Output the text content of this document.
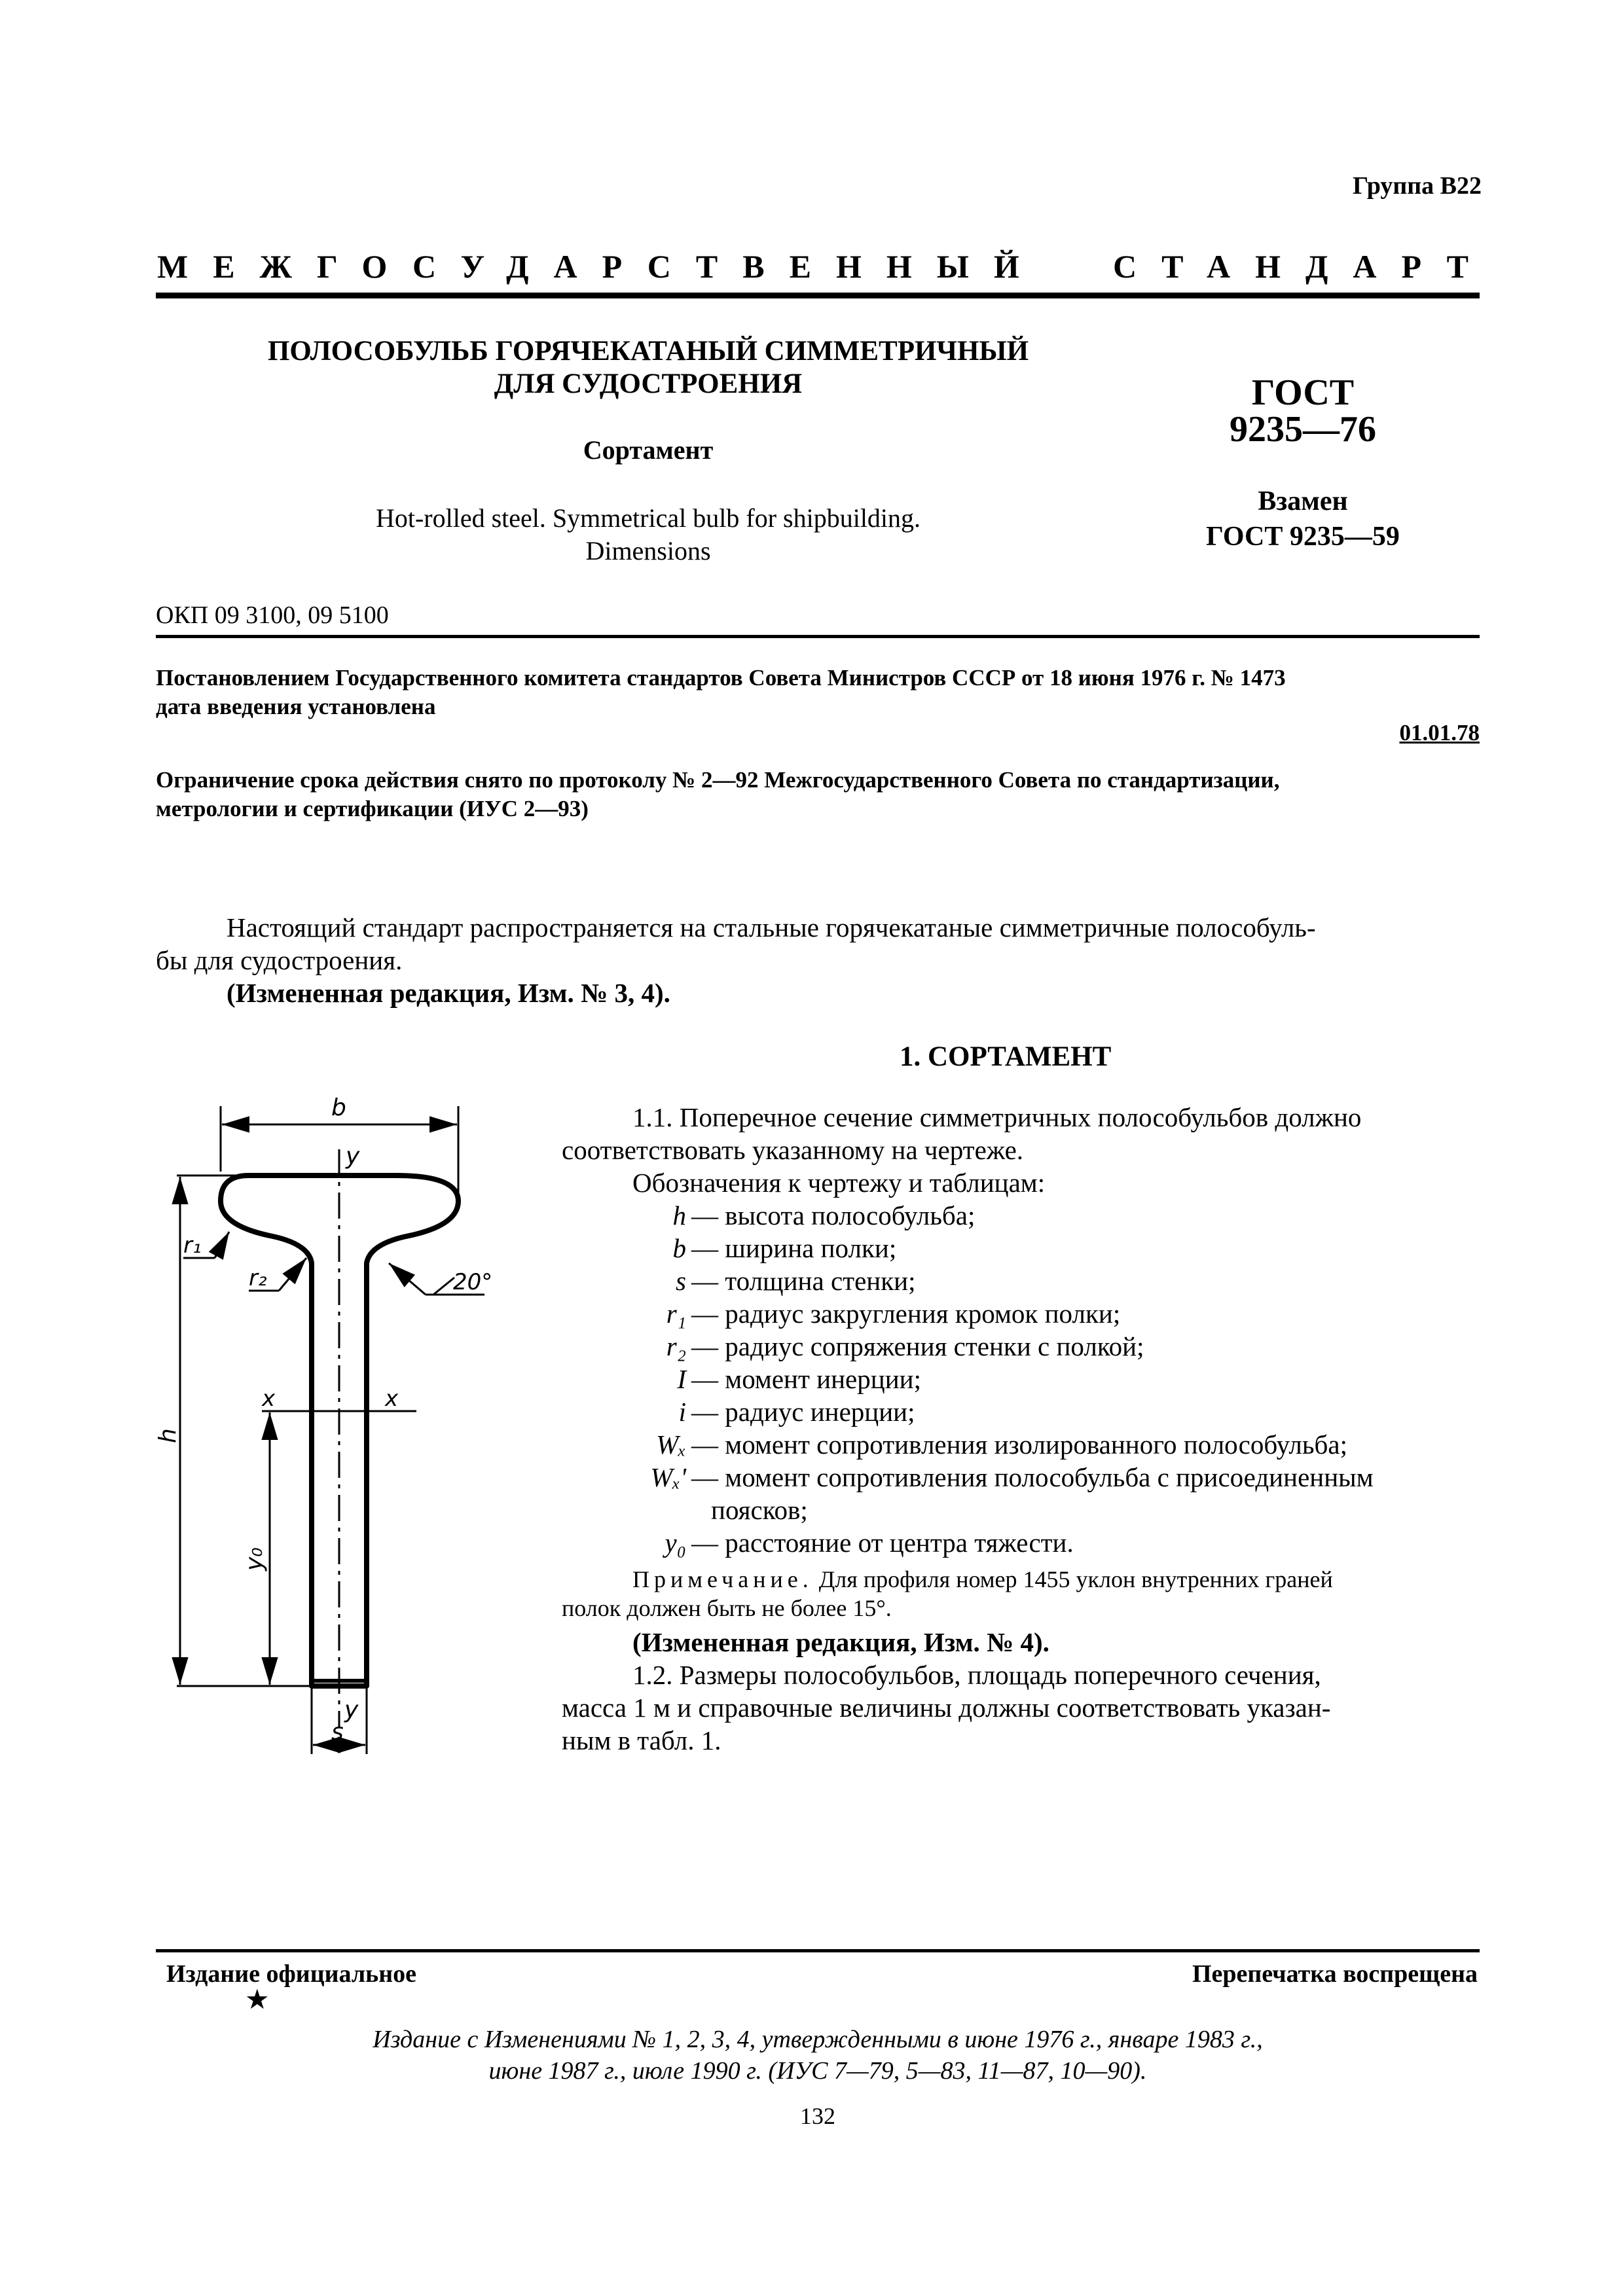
Группа В22
МЕЖГОСУДАРСТВЕННЫЙ	СТАНДАРТ
ПОЛОСОБУЛЬБ ГОРЯЧЕКАТАНЫЙ СИММЕТРИЧНЫЙ
ДЛЯ СУДОСТРОЕНИЯ
Сортамент
Hot-rolled steel. Symmetrical bulb for shipbuilding.
Dimensions
ГОСТ
9235—76
Взамен
ГОСТ 9235—59
ОКП 09 3100, 09 5100
Постановлением Государственного комитета стандартов Совета Министров СССР от 18 июня 1976 г. № 1473
дата введения установлена
01.01.78
Ограничение срока действия снято по протоколу № 2—92 Межгосударственного Совета по стандартизации,
метрологии и сертификации (ИУС 2—93)
Настоящий стандарт распространяется на стальные горячекатаные симметричные полособуль-
бы для судостроения.
(Измененная редакция, Изм. № 3, 4).
1. СОРТАМЕНТ
1.1. Поперечное сечение симметричных полособульбов должно
соответствовать указанному на чертеже.
Обозначения к чертежу и таблицам:
h — высота полособульба;
b — ширина полки;
s — толщина стенки;
r₁ — радиус закругления кромок полки;
r₂ — радиус сопряжения стенки с полкой;
I — момент инерции;
i — радиус инерции;
Wₓ — момент сопротивления изолированного полособульба;
Wₓ' — момент сопротивления полособульба с присоединенным
поясков;
y₀ — расстояние от центра тяжести.
Примечание. Для профиля номер 1455 уклон внутренних граней
полок должен быть не более 15°.
(Измененная редакция, Изм. № 4).
1.2. Размеры полособульбов, площадь поперечного сечения,
масса 1 м и справочные величины должны соответствовать указан-
ным в табл. 1.
b
y
r₁
r₂	20°
x	x
h
y₀
y
s
Издание официальное
★
Перепечатка воспрещена
Издание с Изменениями № 1, 2, 3, 4, утвержденными в июне 1976 г., январе 1983 г.,
июне 1987 г., июле 1990 г. (ИУС 7—79, 5—83, 11—87, 10—90).
132
